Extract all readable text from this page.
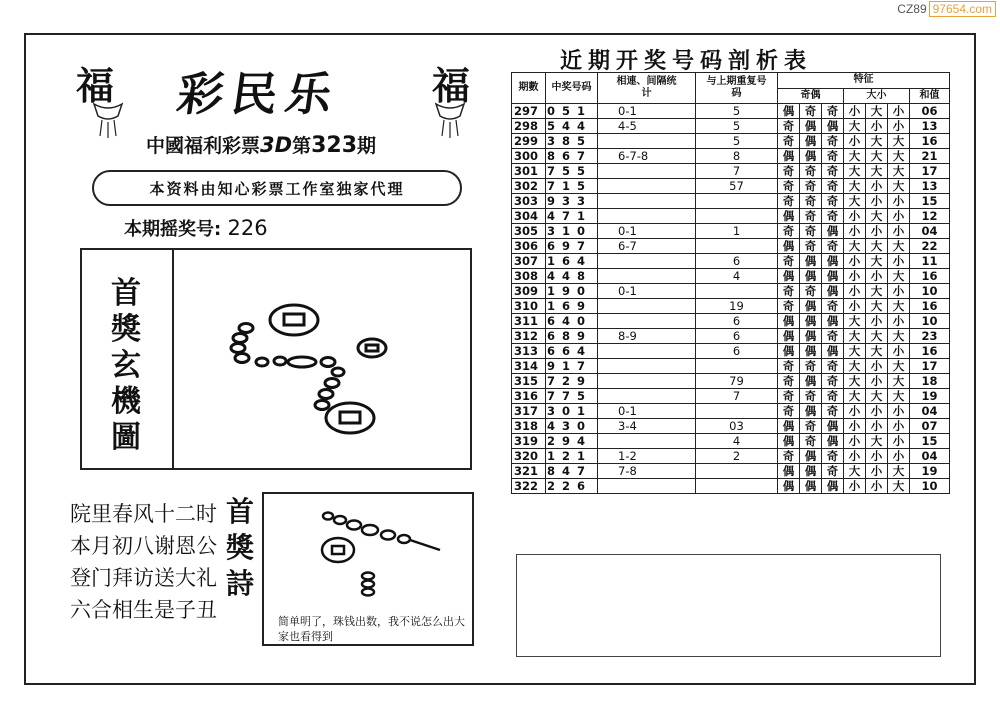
CZ89 97654.com
福	福
彩民乐
中國福利彩票3D第323期
本资料由知心彩票工作室独家代理
本期摇奖号: 226
首
獎
玄
機
圖
院里春风十二时
本月初八谢恩公
登门拜访送大礼
六合相生是子丑
首
獎
詩
简单明了，珠钱出数，我不说怎么出大家也看得到
近期开奖号码剖析表
期數	中奖号码	相連、间隔统计	与上期重复号码	特征						
				奇偶			大小			和值
297	051	0-1	5	偶	奇	奇	小	大	小	06
298	544	4-5	5	奇	偶	偶	大	小	小	13
299	385		5	奇	偶	奇	小	大	大	16
300	867	6-7-8	8	偶	偶	奇	大	大	大	21
301	755		7	奇	奇	奇	大	大	大	17
302	715		57	奇	奇	奇	大	小	大	13
303	933			奇	奇	奇	大	小	小	15
304	471			偶	奇	奇	小	大	小	12
305	310	0-1	1	奇	奇	偶	小	小	小	04
306	697	6-7		偶	奇	奇	大	大	大	22
307	164		6	奇	偶	偶	小	大	小	11
308	448		4	偶	偶	偶	小	小	大	16
309	190	0-1		奇	奇	偶	小	大	小	10
310	169		19	奇	偶	奇	小	大	大	16
311	640		6	偶	偶	偶	大	小	小	10
312	689	8-9	6	偶	偶	奇	大	大	大	23
313	664		6	偶	偶	偶	大	大	小	16
314	917			奇	奇	奇	大	小	大	17
315	729		79	奇	偶	奇	大	小	大	18
316	775		7	奇	奇	奇	大	大	大	19
317	301	0-1		奇	偶	奇	小	小	小	04
318	430	3-4	03	偶	奇	偶	小	小	小	07
319	294		4	偶	奇	偶	小	大	小	15
320	121	1-2	2	奇	偶	奇	小	小	小	04
321	847	7-8		偶	偶	奇	大	小	大	19
322	226			偶	偶	偶	小	小	大	10
